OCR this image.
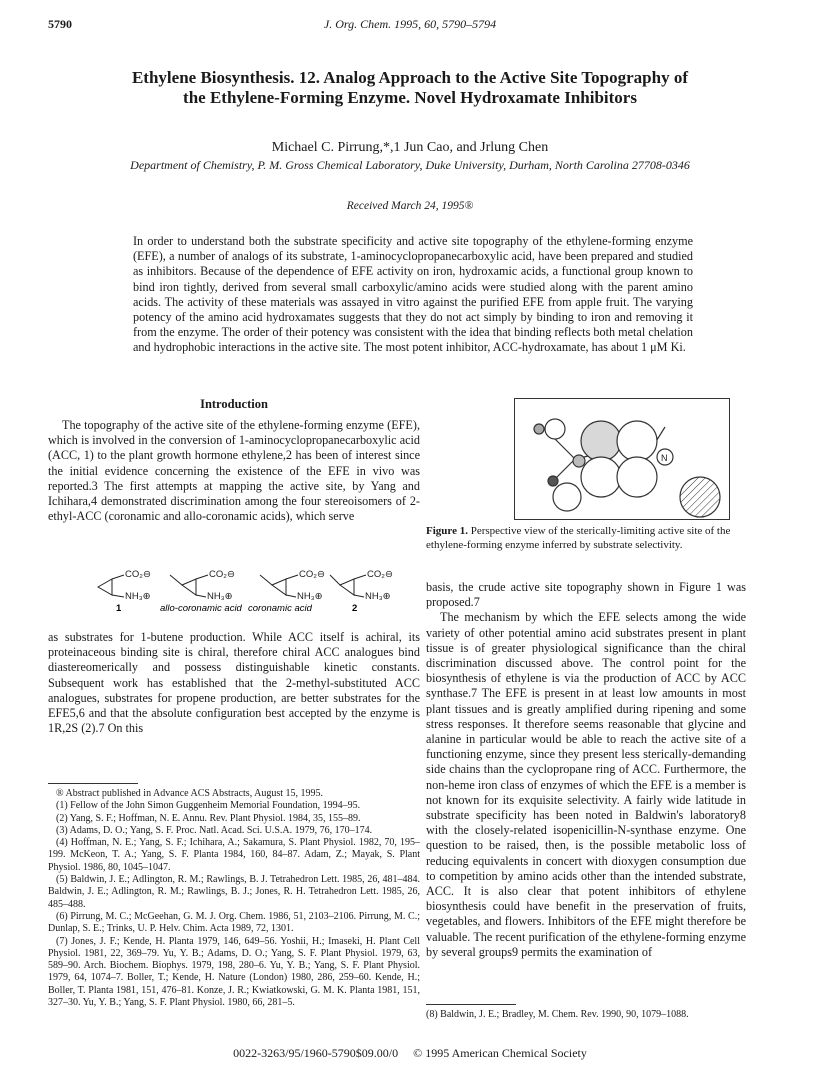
5790	J. Org. Chem. 1995, 60, 5790–5794
Ethylene Biosynthesis. 12. Analog Approach to the Active Site Topography of the Ethylene-Forming Enzyme. Novel Hydroxamate Inhibitors
Michael C. Pirrung,*,1 Jun Cao, and Jrlung Chen
Department of Chemistry, P. M. Gross Chemical Laboratory, Duke University, Durham, North Carolina 27708-0346
Received March 24, 1995®
In order to understand both the substrate specificity and active site topography of the ethylene-forming enzyme (EFE), a number of analogs of its substrate, 1-aminocyclopropanecarboxylic acid, have been prepared and studied as inhibitors. Because of the dependence of EFE activity on iron, hydroxamic acids, a functional group known to bind iron tightly, derived from several small carboxylic/amino acids were studied along with the parent amino acids. The activity of these materials was assayed in vitro against the purified EFE from apple fruit. The varying potency of the amino acid hydroxamates suggests that they do not act simply by binding to iron and removing it from the enzyme. The order of their potency was consistent with the idea that binding reflects both metal chelation and hydrophobic interactions in the active site. The most potent inhibitor, ACC-hydroxamate, has about 1 μM Ki.
Introduction

The topography of the active site of the ethylene-forming enzyme (EFE), which is involved in the conversion of 1-aminocyclopropanecarboxylic acid (ACC, 1) to the plant growth hormone ethylene,2 has been of interest since the initial evidence concerning the existence of the EFE in vivo was reported.3 The first attempts at mapping the active site, by Yang and Ichihara,4 demonstrated discrimination among the four stereoisomers of 2-ethyl-ACC (coronamic and allo-coronamic acids), which serve

CO₂⊖
NH₃⊕
CO₂⊖
NH₃⊕
CO₂⊖
NH₃⊕
CO₂⊖
NH₃⊕
1	allo-coronamic acid coronamic acid	2

as substrates for 1-butene production. While ACC itself is achiral, its proteinaceous binding site is chiral, therefore chiral ACC analogues bind diastereomerically and possess distinguishable kinetic constants. Subsequent work has established that the 2-methyl-substituted ACC analogues, substrates for propene production, are better substrates for the EFE5,6 and that the absolute configuration best accepted by the enzyme is 1R,2S (2).7 On this

® Abstract published in Advance ACS Abstracts, August 15, 1995.

(1) Fellow of the John Simon Guggenheim Memorial Foundation, 1994–95.

(2) Yang, S. F.; Hoffman, N. E. Annu. Rev. Plant Physiol. 1984, 35, 155–89.

(3) Adams, D. O.; Yang, S. F. Proc. Natl. Acad. Sci. U.S.A. 1979, 76, 170–174.

(4) Hoffman, N. E.; Yang, S. F.; Ichihara, A.; Sakamura, S. Plant Physiol. 1982, 70, 195–199. McKeon, T. A.; Yang, S. F. Planta 1984, 160, 84–87. Adam, Z.; Mayak, S. Plant Physiol. 1986, 80, 1045–1047.

(5) Baldwin, J. E.; Adlington, R. M.; Rawlings, B. J. Tetrahedron Lett. 1985, 26, 481–484. Baldwin, J. E.; Adlington, R. M.; Rawlings, B. J.; Jones, R. H. Tetrahedron Lett. 1985, 26, 485–488.

(6) Pirrung, M. C.; McGeehan, G. M. J. Org. Chem. 1986, 51, 2103–2106. Pirrung, M. C.; Dunlap, S. E.; Trinks, U. P. Helv. Chim. Acta 1989, 72, 1301.

(7) Jones, J. F.; Kende, H. Planta 1979, 146, 649–56. Yoshii, H.; Imaseki, H. Plant Cell Physiol. 1981, 22, 369–79. Yu, Y. B.; Adams, D. O.; Yang, S. F. Plant Physiol. 1979, 63, 589–90. Arch. Biochem. Biophys. 1979, 198, 280–6. Yu, Y. B.; Yang, S. F. Plant Physiol. 1979, 64, 1074–7. Boller, T.; Kende, H. Nature (London) 1980, 286, 259–60. Kende, H.; Boller, T. Planta 1981, 151, 476–81. Konze, J. R.; Kwiatkowski, G. M. K. Planta 1981, 151, 327–30. Yu, Y. B.; Yang, S. F. Plant Physiol. 1980, 66, 281–5.

N
Figure 1. Perspective view of the sterically-limiting active site of the ethylene-forming enzyme inferred by substrate selectivity.

basis, the crude active site topography shown in Figure 1 was proposed.7

The mechanism by which the EFE selects among the wide variety of other potential amino acid substrates present in plant tissue is of greater physiological significance than the chiral discrimination discussed above. The control point for the biosynthesis of ethylene is via the production of ACC by ACC synthase.7 The EFE is present in at least low amounts in most plant tissues and is greatly amplified during ripening and some stress responses. It therefore seems reasonable that glycine and alanine in particular would be able to reach the active site of a functioning enzyme, since they present less sterically-demanding side chains than the cyclopropane ring of ACC. Furthermore, the non-heme iron class of enzymes of which the EFE is a member is not known for its exquisite selectivity. A fairly wide latitude in substrate specificity has been noted in Baldwin's laboratory8 with the closely-related isopenicillin-N-synthase enzyme. One question to be raised, then, is the possible metabolic loss of reducing equivalents in concert with dioxygen consumption due to competition by amino acids other than the intended substrate, ACC. It is also clear that potent inhibitors of ethylene biosynthesis could have benefit in the preservation of fruits, vegetables, and flowers. Inhibitors of the EFE might therefore be valuable. The recent purification of the ethylene-forming enzyme by several groups9 permits the examination of

(8) Baldwin, J. E.; Bradley, M. Chem. Rev. 1990, 90, 1079–1088.
0022-3263/95/1960-5790$09.00/0 © 1995 American Chemical Society
